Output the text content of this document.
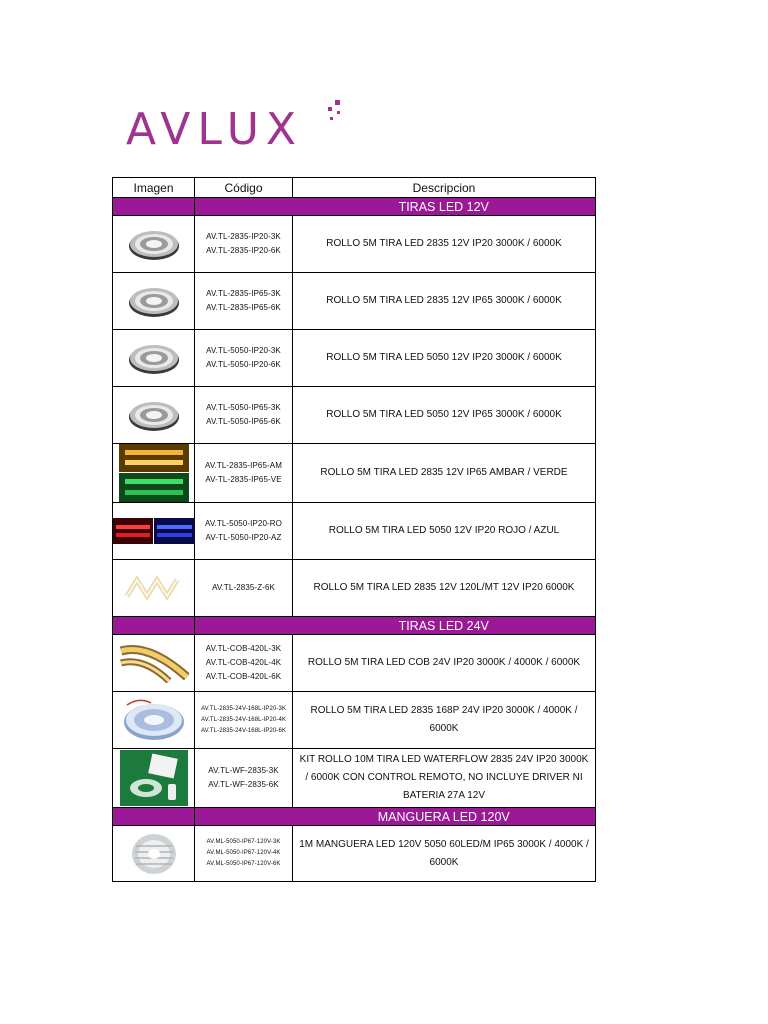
AVLUX
Imagen	Código	Descripcion
		TIRAS LED 12V

AV.TL-2835-IP20-3K
AV.TL-2835-IP20-6K	ROLLO 5M TIRA LED 2835 12V IP20 3000K / 6000K

AV.TL-2835-IP65-3K
AV.TL-2835-IP65-6K	ROLLO 5M TIRA LED 2835 12V IP65 3000K / 6000K

AV.TL-5050-IP20-3K
AV.TL-5050-IP20-6K	ROLLO 5M TIRA LED 5050 12V IP20 3000K / 6000K

AV.TL-5050-IP65-3K
AV.TL-5050-IP65-6K	ROLLO 5M TIRA LED 5050 12V IP65 3000K / 6000K

AV.TL-2835-IP65-AM
AV-TL-2835-IP65-VE	ROLLO 5M TIRA LED 2835 12V IP65 AMBAR / VERDE

AV.TL-5050-IP20-RO
AV-TL-5050-IP20-AZ	ROLLO 5M TIRA LED 5050 12V IP20 ROJO / AZUL

AV.TL-2835-Z-6K	ROLLO 5M TIRA LED 2835 12V 120L/MT 12V IP20 6000K

		TIRAS LED 24V

AV.TL-COB-420L-3K
AV.TL-COB-420L-4K
AV.TL-COB-420L-6K	ROLLO 5M TIRA LED COB 24V IP20 3000K / 4000K / 6000K

AV.TL-2835-24V-168L-IP20-3K
AV.TL-2835-24V-168L-IP20-4K
AV.TL-2835-24V-168L-IP20-6K	ROLLO 5M TIRA LED 2835 168P 24V IP20 3000K / 4000K / 6000K

AV.TL-WF-2835-3K
AV.TL-WF-2835-6K	KIT ROLLO 10M TIRA LED WATERFLOW 2835 24V IP20 3000K / 6000K CON CONTROL REMOTO, NO INCLUYE DRIVER NI BATERIA 27A 12V

		MANGUERA LED 120V

AV.ML-5050-IP67-120V-3K
AV.ML-5050-IP67-120V-4K
AV.ML-5050-IP67-120V-6K	1M MANGUERA LED 120V 5050 60LED/M IP65 3000K / 4000K / 6000K
